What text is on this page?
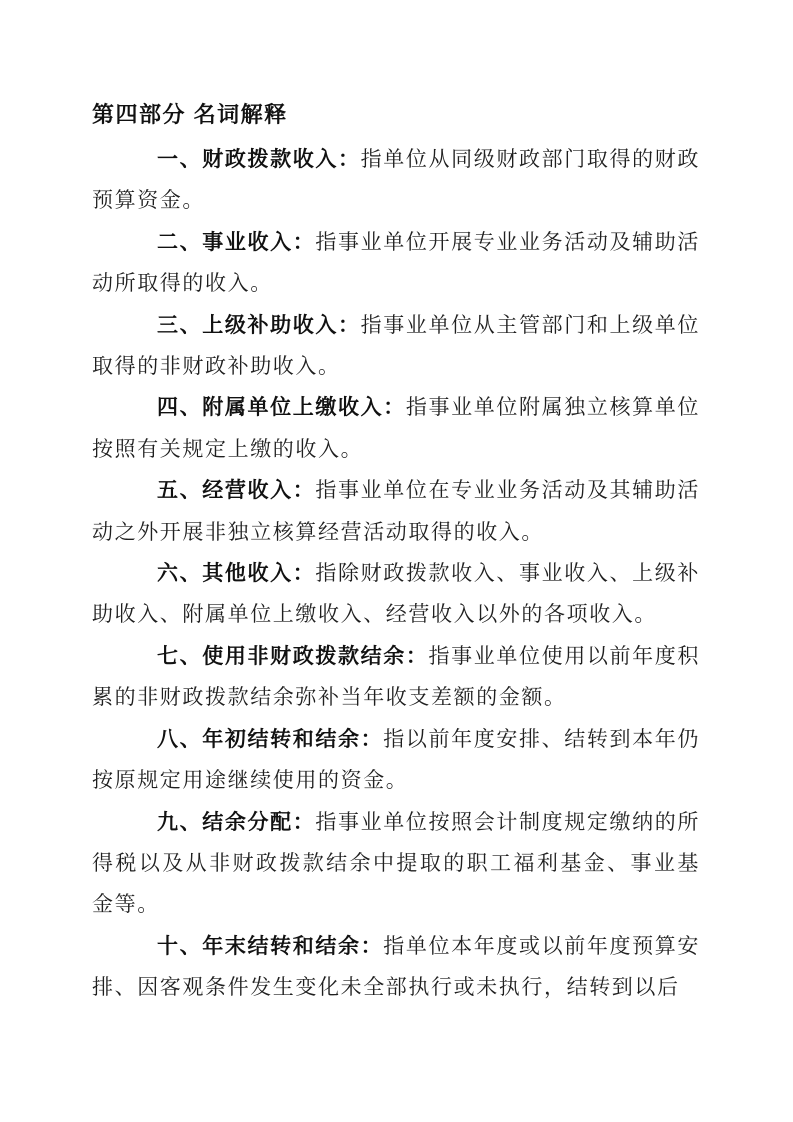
第四部分 名词解释

一、财政拨款收入：指单位从同级财政部门取得的财政预算资金。

二、事业收入：指事业单位开展专业业务活动及辅助活动所取得的收入。

三、上级补助收入：指事业单位从主管部门和上级单位取得的非财政补助收入。

四、附属单位上缴收入：指事业单位附属独立核算单位按照有关规定上缴的收入。

五、经营收入：指事业单位在专业业务活动及其辅助活动之外开展非独立核算经营活动取得的收入。

六、其他收入：指除财政拨款收入、事业收入、上级补助收入、附属单位上缴收入、经营收入以外的各项收入。

七、使用非财政拨款结余：指事业单位使用以前年度积累的非财政拨款结余弥补当年收支差额的金额。

八、年初结转和结余：指以前年度安排、结转到本年仍按原规定用途继续使用的资金。

九、结余分配：指事业单位按照会计制度规定缴纳的所得税以及从非财政拨款结余中提取的职工福利基金、事业基金等。

十、年末结转和结余：指单位本年度或以前年度预算安排、因客观条件发生变化未全部执行或未执行，结转到以后
